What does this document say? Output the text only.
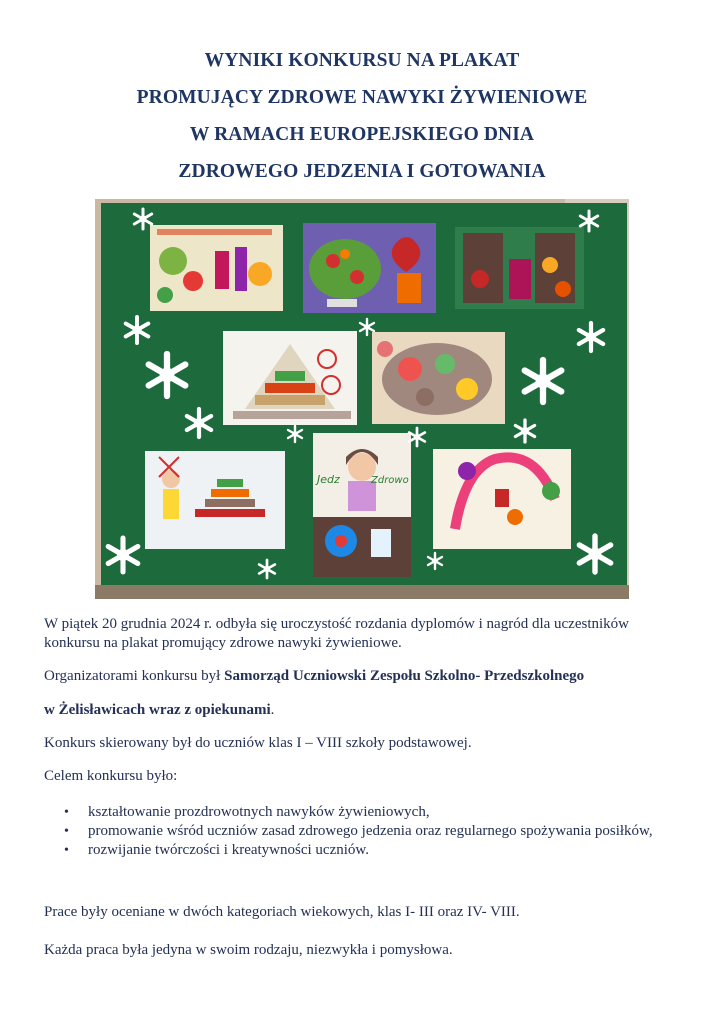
WYNIKI KONKURSU NA PLAKAT
PROMUJĄCY ZDROWE NAWYKI ŻYWIENIOWE
W RAMACH EUROPEJSKIEGO DNIA
ZDROWEGO JEDZENIA I GOTOWANIA
Jedz	Zdrowo
W piątek 20 grudnia 2024 r. odbyła się uroczystość rozdania dyplomów i nagród dla uczestników konkursu na plakat promujący zdrowe nawyki żywieniowe.
Organizatorami konkursu był Samorząd Uczniowski Zespołu Szkolno- Przedszkolnego
w Żelisławicach wraz z opiekunami.
Konkurs skierowany był do uczniów klas I – VIII szkoły podstawowej.
Celem konkursu było:
• kształtowanie prozdrowotnych nawyków żywieniowych,
• promowanie wśród uczniów zasad zdrowego jedzenia oraz regularnego spożywania posiłków,
• rozwijanie twórczości i kreatywności uczniów.
Prace były oceniane w dwóch kategoriach wiekowych, klas I- III oraz IV- VIII.
Każda praca była jedyna w swoim rodzaju, niezwykła i pomysłowa.
